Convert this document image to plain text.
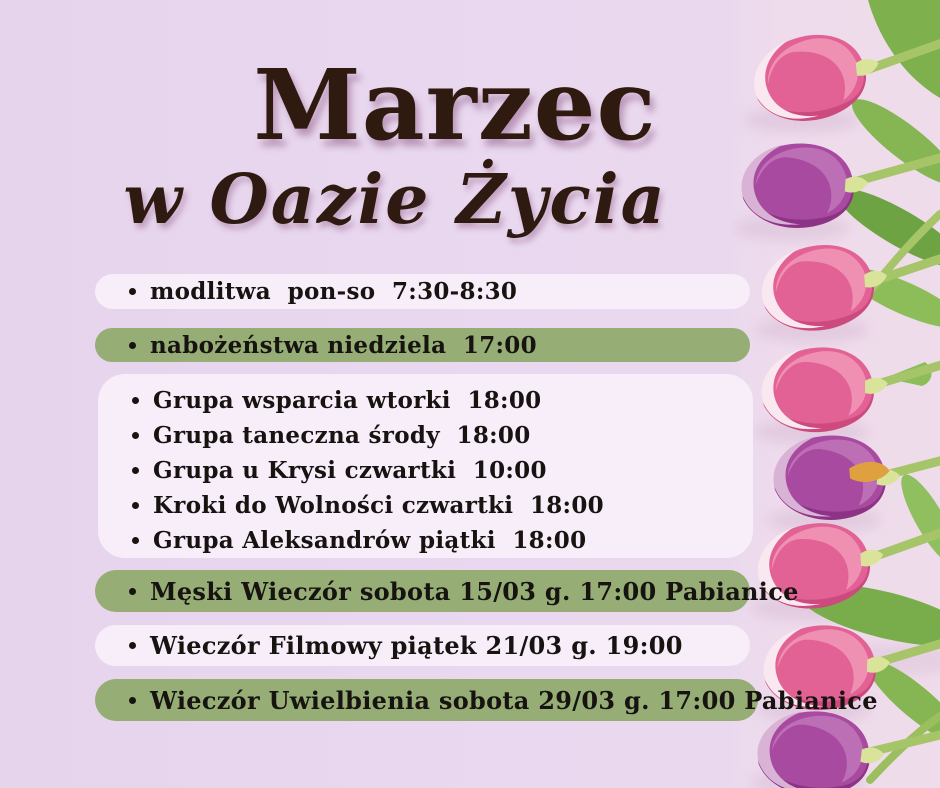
Marzec
w Oazie Życia
modlitwa  pon-so  7:30-8:30
nabożeństwa niedziela  17:00
Grupa wsparcia wtorki  18:00
Grupa taneczna środy  18:00
Grupa u Krysi czwartki  10:00
Kroki do Wolności czwartki  18:00
Grupa Aleksandrów piątki  18:00
Męski Wieczór sobota 15/03 g. 17:00 Pabianice
Wieczór Filmowy piątek 21/03 g. 19:00
Wieczór Uwielbienia sobota 29/03 g. 17:00 Pabianice
